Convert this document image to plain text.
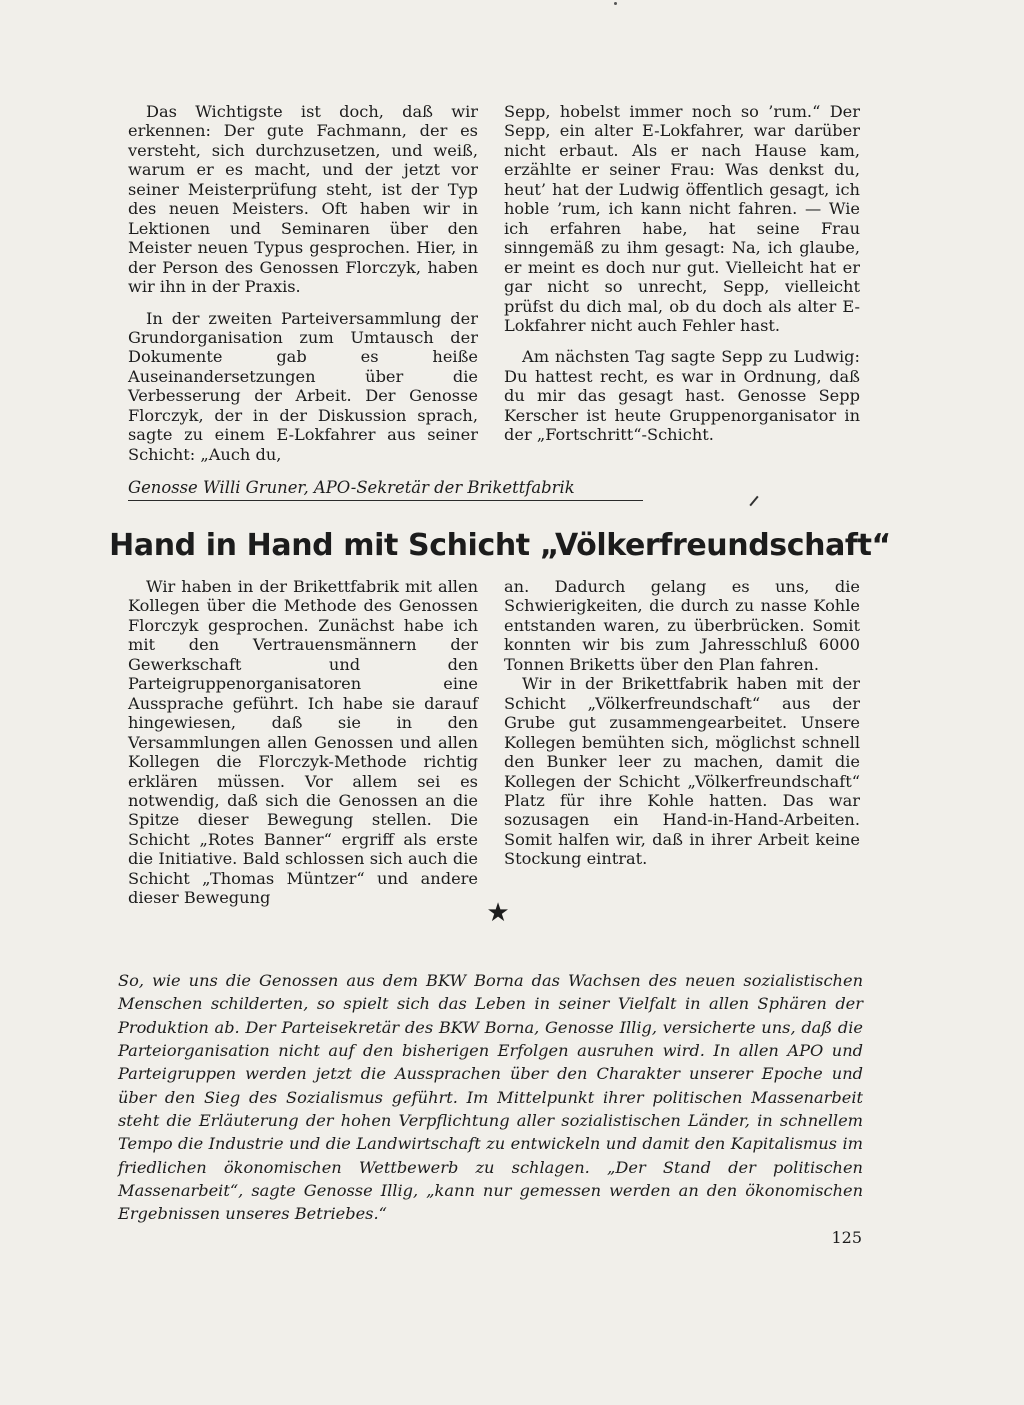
Das Wichtigste ist doch, daß wir erkennen: Der gute Fachmann, der es versteht, sich durchzusetzen, und weiß, warum er es macht, und der jetzt vor seiner Meisterprüfung steht, ist der Typ des neuen Meisters. Oft haben wir in Lektionen und Seminaren über den Meister neuen Typus gesprochen. Hier, in der Person des Genossen Florczyk, haben wir ihn in der Praxis.

In der zweiten Parteiversammlung der Grundorganisation zum Umtausch der Dokumente gab es heiße Auseinandersetzungen über die Verbesserung der Arbeit. Der Genosse Florczyk, der in der Diskussion sprach, sagte zu einem E-Lokfahrer aus seiner Schicht: „Auch du,

Sepp, hobelst immer noch so ’rum.“ Der Sepp, ein alter E-Lokfahrer, war darüber nicht erbaut. Als er nach Hause kam, erzählte er seiner Frau: Was denkst du, heut’ hat der Ludwig öffentlich gesagt, ich hoble ’rum, ich kann nicht fahren. — Wie ich erfahren habe, hat seine Frau sinngemäß zu ihm gesagt: Na, ich glaube, er meint es doch nur gut. Vielleicht hat er gar nicht so unrecht, Sepp, vielleicht prüfst du dich mal, ob du doch als alter E-Lokfahrer nicht auch Fehler hast.

Am nächsten Tag sagte Sepp zu Ludwig: Du hattest recht, es war in Ordnung, daß du mir das gesagt hast. Genosse Sepp Kerscher ist heute Gruppenorganisator in der „Fortschritt“-Schicht.

Genosse Willi Gruner, APO-Sekretär der Brikettfabrik
Hand in Hand mit Schicht „Völkerfreundschaft“

Wir haben in der Brikettfabrik mit allen Kollegen über die Methode des Genossen Florczyk gesprochen. Zunächst habe ich mit den Vertrauensmännern der Gewerkschaft und den Parteigruppenorganisatoren eine Aussprache geführt. Ich habe sie darauf hingewiesen, daß sie in den Versammlungen allen Genossen und allen Kollegen die Florczyk-Methode richtig erklären müssen. Vor allem sei es notwendig, daß sich die Genossen an die Spitze dieser Bewegung stellen. Die Schicht „Rotes Banner“ ergriff als erste die Initiative. Bald schlossen sich auch die Schicht „Thomas Müntzer“ und andere dieser Bewegung

an. Dadurch gelang es uns, die Schwierigkeiten, die durch zu nasse Kohle entstanden waren, zu überbrücken. Somit konnten wir bis zum Jahresschluß 6000 Tonnen Briketts über den Plan fahren.

Wir in der Brikettfabrik haben mit der Schicht „Völkerfreundschaft“ aus der Grube gut zusammengearbeitet. Unsere Kollegen bemühten sich, möglichst schnell den Bunker leer zu machen, damit die Kollegen der Schicht „Völkerfreundschaft“ Platz für ihre Kohle hatten. Das war sozusagen ein Hand-in-Hand-Arbeiten. Somit halfen wir, daß in ihrer Arbeit keine Stockung eintrat.

★

So, wie uns die Genossen aus dem BKW Borna das Wachsen des neuen sozialistischen Menschen schilderten, so spielt sich das Leben in seiner Vielfalt in allen Sphären der Produktion ab. Der Parteisekretär des BKW Borna, Genosse Illig, versicherte uns, daß die Parteiorganisation nicht auf den bisherigen Erfolgen ausruhen wird. In allen APO und Parteigruppen werden jetzt die Aussprachen über den Charakter unserer Epoche und über den Sieg des Sozialismus geführt. Im Mittelpunkt ihrer politischen Massenarbeit steht die Erläuterung der hohen Verpflichtung aller sozialistischen Länder, in schnellem Tempo die Industrie und die Landwirtschaft zu entwickeln und damit den Kapitalismus im friedlichen ökonomischen Wettbewerb zu schlagen. „Der Stand der politischen Massenarbeit“, sagte Genosse Illig, „kann nur gemessen werden an den ökonomischen Ergebnissen unseres Betriebes.“

125
